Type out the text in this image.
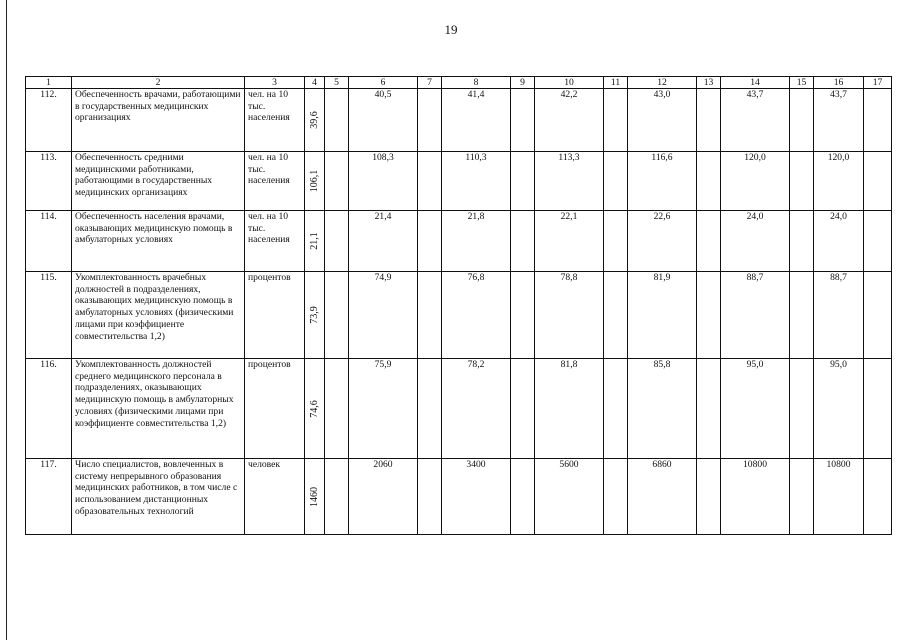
19
1	2	3	4	5	6	7	8	9	10	11	12	13	14	15	16	17
112.	Обеспеченность врачами, работающими в государственных медицинских организациях	чел. на 10 тыс. населения	39,6		40,5		41,4		42,2		43,0		43,7		43,7	
113.	Обеспеченность средними медицинскими работниками, работающими в государственных медицинских организациях	чел. на 10 тыс. населения	106,1		108,3		110,3		113,3		116,6		120,0		120,0	
114.	Обеспеченность населения врачами, оказывающих медицинскую помощь в амбулаторных условиях	чел. на 10 тыс. населения	21,1		21,4		21,8		22,1		22,6		24,0		24,0	
115.	Укомплектованность врачебных должностей в подразделениях, оказывающих медицинскую помощь в амбулаторных условиях (физическими лицами при коэффициенте совместительства 1,2)	процентов	73,9		74,9		76,8		78,8		81,9		88,7		88,7	
116.	Укомплектованность должностей среднего медицинского персонала в подразделениях, оказывающих медицинскую помощь в амбулаторных условиях (физическими лицами при коэффициенте совместительства 1,2)	процентов	74,6		75,9		78,2		81,8		85,8		95,0		95,0	
117.	Число специалистов, вовлеченных в систему непрерывного образования медицинских работников, в том числе с использованием дистанционных образовательных технологий	человек	1460		2060		3400		5600		6860		10800		10800	
